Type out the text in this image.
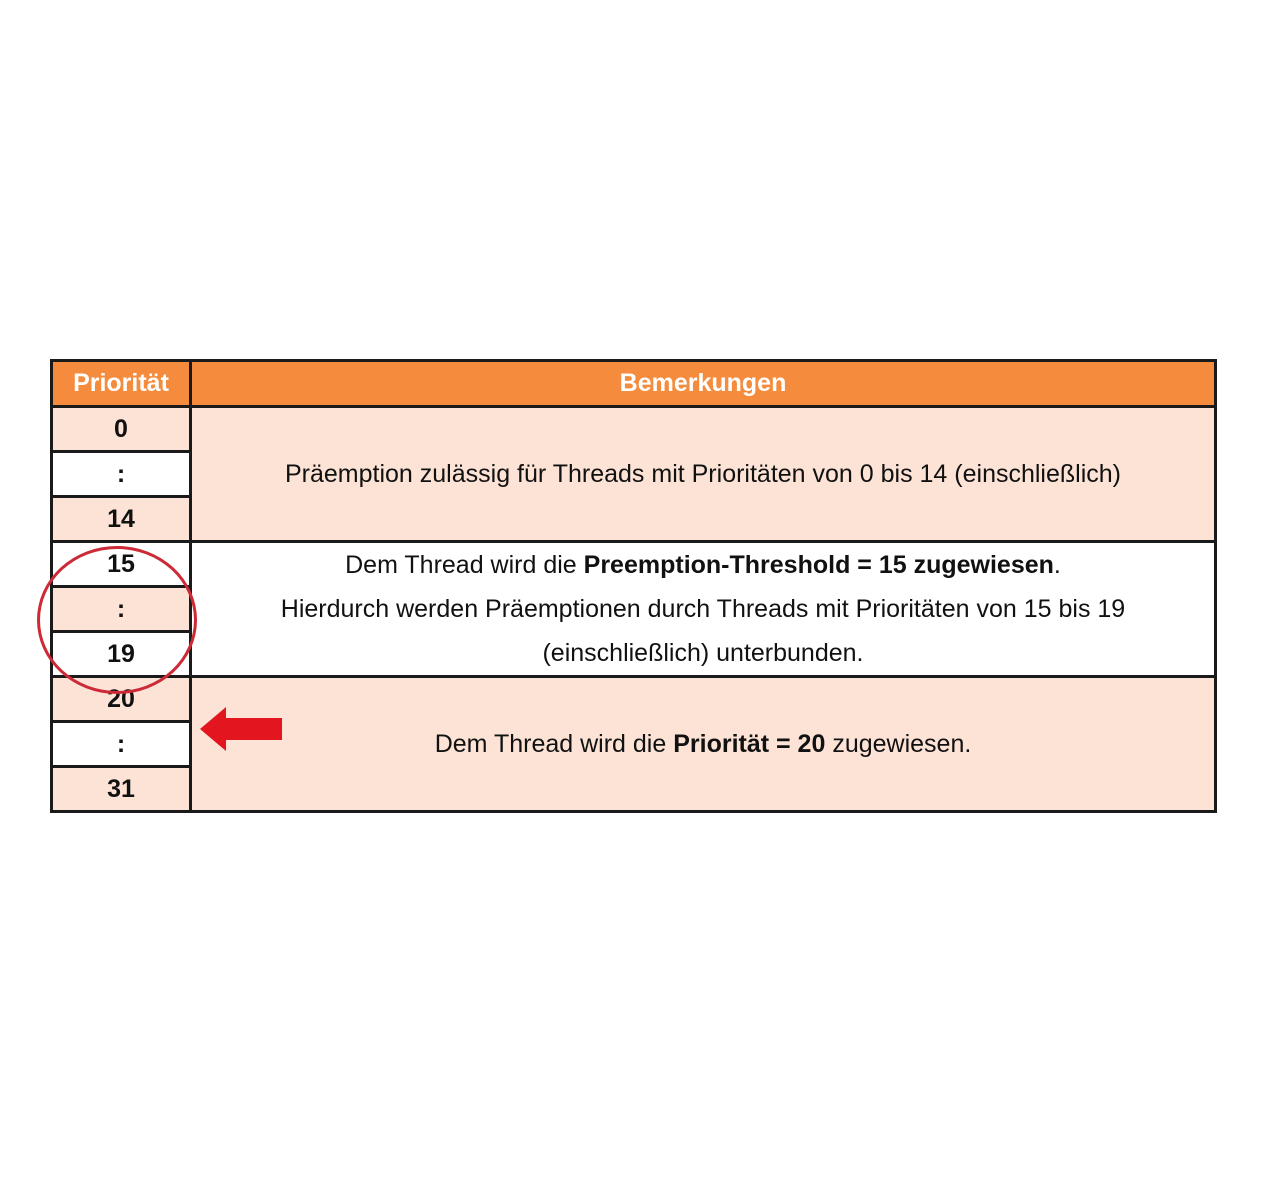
Priorität	Bemerkungen
0	Präemption zulässig für Threads mit Prioritäten von 0 bis 14 (einschließlich)

:	
14	
15	Dem Thread wird die Preemption-Threshold = 15 zugewiesen.
Hierdurch werden Präemptionen durch Threads mit Prioritäten von 15 bis 19
(einschließlich) unterbunden.

:	
19	
20	Dem Thread wird die Priorität = 20 zugewiesen.

:	
31	
